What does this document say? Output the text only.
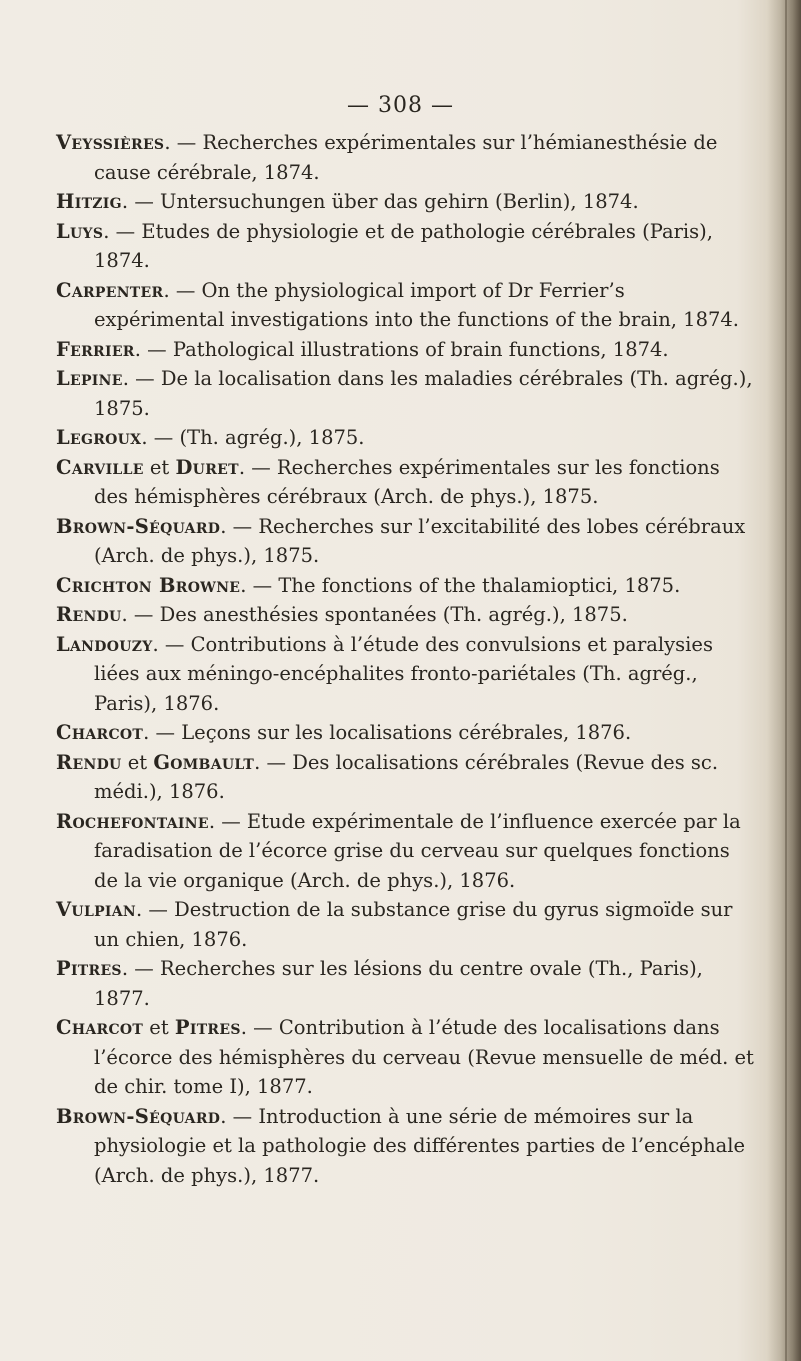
— 308 —

Veyssières. — Recherches expérimentales sur l’hémianesthésie de cause cérébrale, 1874.

Hitzig. — Untersuchungen über das gehirn (Berlin), 1874.

Luys. — Etudes de physiologie et de pathologie cérébrales (Paris), 1874.

Carpenter. — On the physiological import of Dr Ferrier’s expérimental investigations into the functions of the brain, 1874.

Ferrier. — Pathological illustrations of brain functions, 1874.

Lepine. — De la localisation dans les maladies cérébrales (Th. agrég.), 1875.

Legroux. — (Th. agrég.), 1875.

Carville et Duret. — Recherches expérimentales sur les fonctions des hémisphères cérébraux (Arch. de phys.), 1875.

Brown-Séquard. — Recherches sur l’excitabilité des lobes cérébraux (Arch. de phys.), 1875.

Crichton Browne. — The fonctions of the thalamioptici, 1875.

Rendu. — Des anesthésies spontanées (Th. agrég.), 1875.

Landouzy. — Contributions à l’étude des convulsions et paralysies liées aux méningo-encéphalites fronto-pariétales (Th. agrég., Paris), 1876.

Charcot. — Leçons sur les localisations cérébrales, 1876.

Rendu et Gombault. — Des localisations cérébrales (Revue des sc. médi.), 1876.

Rochefontaine. — Etude expérimentale de l’influence exercée par la faradisation de l’écorce grise du cerveau sur quelques fonctions de la vie organique (Arch. de phys.), 1876.

Vulpian. — Destruction de la substance grise du gyrus sigmoïde sur un chien, 1876.

Pitres. — Recherches sur les lésions du centre ovale (Th., Paris), 1877.

Charcot et Pitres. — Contribution à l’étude des localisations dans l’écorce des hémisphères du cerveau (Revue mensuelle de méd. et de chir. tome I), 1877.

Brown-Séquard. — Introduction à une série de mémoires sur la physiologie et la pathologie des différentes parties de l’encéphale (Arch. de phys.), 1877.
